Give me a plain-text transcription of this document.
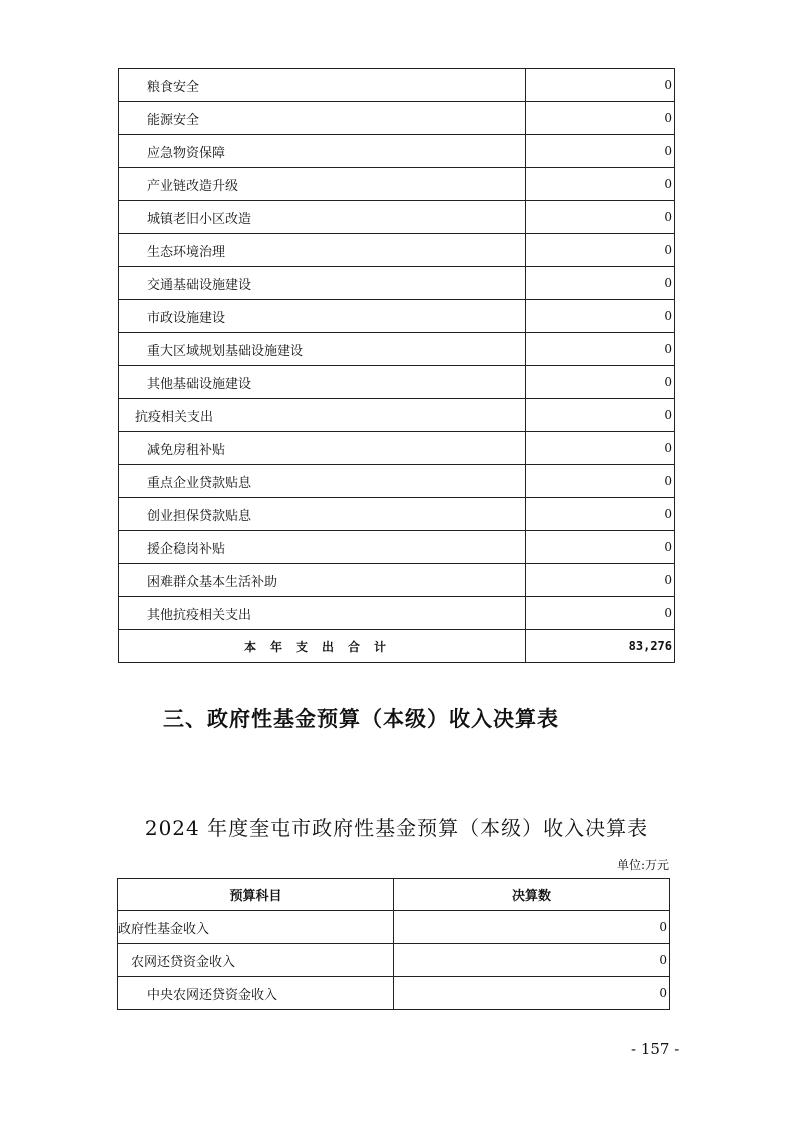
粮食安全	0
能源安全	0
应急物资保障	0
产业链改造升级	0
城镇老旧小区改造	0
生态环境治理	0
交通基础设施建设	0
市政设施建设	0
重大区域规划基础设施建设	0
其他基础设施建设	0
抗疫相关支出	0
减免房租补贴	0
重点企业贷款贴息	0
创业担保贷款贴息	0
援企稳岗补贴	0
困难群众基本生活补助	0
其他抗疫相关支出	0
本年支出合计	83,276
三、政府性基金预算（本级）收入决算表
2024 年度奎屯市政府性基金预算（本级）收入决算表
单位:万元
预算科目	决算数
政府性基金收入	0
农网还贷资金收入	0
中央农网还贷资金收入	0
- 157 -
